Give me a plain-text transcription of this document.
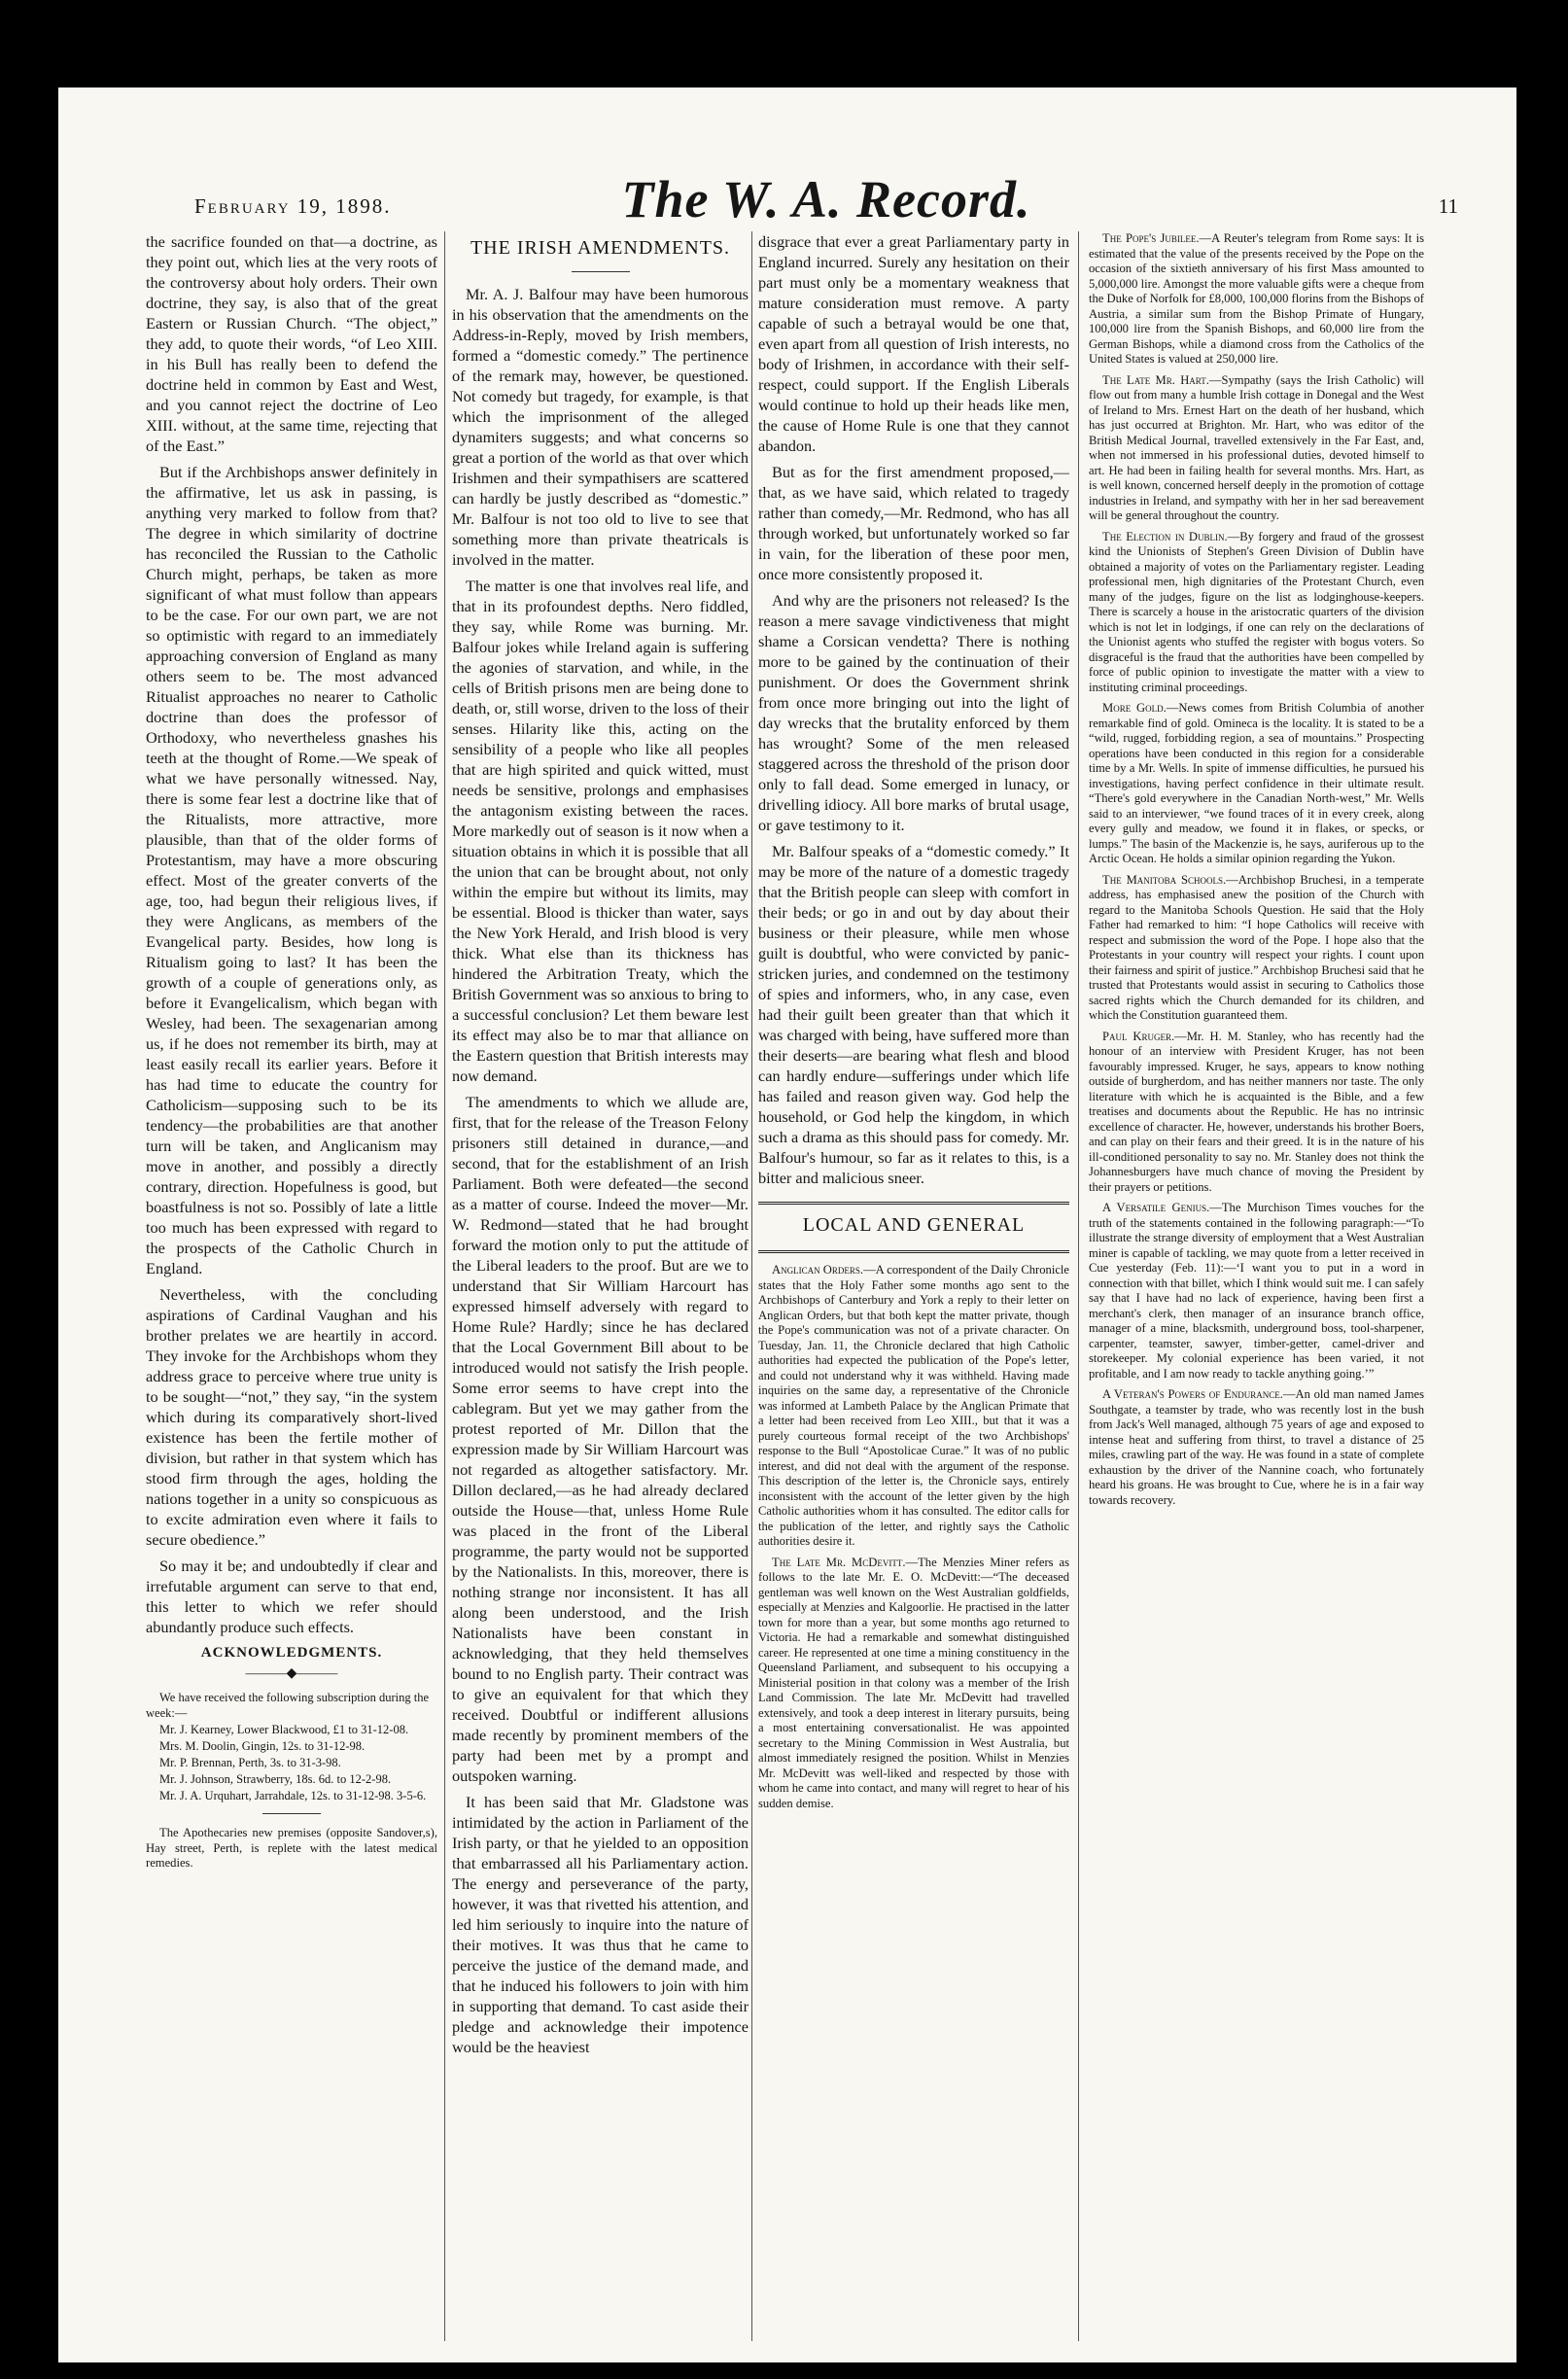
February 19, 1898.	The W. A. Record.	11

the sacrifice founded on that—a doctrine, as they point out, which lies at the very roots of the controversy about holy orders. Their own doctrine, they say, is also that of the great Eastern or Russian Church. “The object,” they add, to quote their words, “of Leo XIII. in his Bull has really been to defend the doctrine held in common by East and West, and you cannot reject the doctrine of Leo XIII. without, at the same time, rejecting that of the East.”

But if the Archbishops answer definitely in the affirmative, let us ask in passing, is anything very marked to follow from that? The degree in which similarity of doctrine has reconciled the Russian to the Catholic Church might, perhaps, be taken as more significant of what must follow than appears to be the case. For our own part, we are not so optimistic with regard to an immediately approaching conversion of England as many others seem to be. The most advanced Ritualist approaches no nearer to Catholic doctrine than does the professor of Orthodoxy, who nevertheless gnashes his teeth at the thought of Rome.—We speak of what we have personally witnessed. Nay, there is some fear lest a doctrine like that of the Ritualists, more attractive, more plausible, than that of the older forms of Protestantism, may have a more obscuring effect. Most of the greater converts of the age, too, had begun their religious lives, if they were Anglicans, as members of the Evangelical party. Besides, how long is Ritualism going to last? It has been the growth of a couple of generations only, as before it Evangelicalism, which began with Wesley, had been. The sexagenarian among us, if he does not remember its birth, may at least easily recall its earlier years. Before it has had time to educate the country for Catholicism—supposing such to be its tendency—the probabilities are that another turn will be taken, and Anglicanism may move in another, and possibly a directly contrary, direction. Hopefulness is good, but boastfulness is not so. Possibly of late a little too much has been expressed with regard to the prospects of the Catholic Church in England.

Nevertheless, with the concluding aspirations of Cardinal Vaughan and his brother prelates we are heartily in accord. They invoke for the Archbishops whom they address grace to perceive where true unity is to be sought—“not,” they say, “in the system which during its comparatively short-lived existence has been the fertile mother of division, but rather in that system which has stood firm through the ages, holding the nations together in a unity so conspicuous as to excite admiration even where it fails to secure obedience.”

So may it be; and undoubtedly if clear and irrefutable argument can serve to that end, this letter to which we refer should abundantly produce such effects.

ACKNOWLEDGMENTS.
———◆———
We have received the following subscription during the week:—
Mr. J. Kearney, Lower Blackwood, £1 to 31-12-08.
Mrs. M. Doolin, Gingin, 12s. to 31-12-98.
Mr. P. Brennan, Perth, 3s. to 31-3-98.
Mr. J. Johnson, Strawberry, 18s. 6d. to 12-2-98.
Mr. J. A. Urquhart, Jarrahdale, 12s. to 31-12-98. 3-5-6.

The Apothecaries new premises (opposite Sandover,s), Hay street, Perth, is replete with the latest medical remedies.

THE IRISH AMENDMENTS.

Mr. A. J. Balfour may have been humorous in his observation that the amendments on the Address-in-Reply, moved by Irish members, formed a “domestic comedy.” The pertinence of the remark may, however, be questioned. Not comedy but tragedy, for example, is that which the imprisonment of the alleged dynamiters suggests; and what concerns so great a portion of the world as that over which Irishmen and their sympathisers are scattered can hardly be justly described as “domestic.” Mr. Balfour is not too old to live to see that something more than private theatricals is involved in the matter.

The matter is one that involves real life, and that in its profoundest depths. Nero fiddled, they say, while Rome was burning. Mr. Balfour jokes while Ireland again is suffering the agonies of starvation, and while, in the cells of British prisons men are being done to death, or, still worse, driven to the loss of their senses. Hilarity like this, acting on the sensibility of a people who like all peoples that are high spirited and quick witted, must needs be sensitive, prolongs and emphasises the antagonism existing between the races. More markedly out of season is it now when a situation obtains in which it is possible that all the union that can be brought about, not only within the empire but without its limits, may be essential. Blood is thicker than water, says the New York Herald, and Irish blood is very thick. What else than its thickness has hindered the Arbitration Treaty, which the British Government was so anxious to bring to a successful conclusion? Let them beware lest its effect may also be to mar that alliance on the Eastern question that British interests may now demand.

The amendments to which we allude are, first, that for the release of the Treason Felony prisoners still detained in durance,—and second, that for the establishment of an Irish Parliament. Both were defeated—the second as a matter of course. Indeed the mover—Mr. W. Redmond—stated that he had brought forward the motion only to put the attitude of the Liberal leaders to the proof. But are we to understand that Sir William Harcourt has expressed himself adversely with regard to Home Rule? Hardly; since he has declared that the Local Government Bill about to be introduced would not satisfy the Irish people. Some error seems to have crept into the cablegram. But yet we may gather from the protest reported of Mr. Dillon that the expression made by Sir William Harcourt was not regarded as altogether satisfactory. Mr. Dillon declared,—as he had already declared outside the House—that, unless Home Rule was placed in the front of the Liberal programme, the party would not be supported by the Nationalists. In this, moreover, there is nothing strange nor inconsistent. It has all along been understood, and the Irish Nationalists have been constant in acknowledging, that they held themselves bound to no English party. Their contract was to give an equivalent for that which they received. Doubtful or indifferent allusions made recently by prominent members of the party had been met by a prompt and outspoken warning.

It has been said that Mr. Gladstone was intimidated by the action in Parliament of the Irish party, or that he yielded to an opposition that embarrassed all his Parliamentary action. The energy and perseverance of the party, however, it was that rivetted his attention, and led him seriously to inquire into the nature of their motives. It was thus that he came to perceive the justice of the demand made, and that he induced his followers to join with him in supporting that demand. To cast aside their pledge and acknowledge their impotence would be the heaviest

disgrace that ever a great Parliamentary party in England incurred. Surely any hesitation on their part must only be a momentary weakness that mature consideration must remove. A party capable of such a betrayal would be one that, even apart from all question of Irish interests, no body of Irishmen, in accordance with their self-respect, could support. If the English Liberals would continue to hold up their heads like men, the cause of Home Rule is one that they cannot abandon.

But as for the first amendment proposed,—that, as we have said, which related to tragedy rather than comedy,—Mr. Redmond, who has all through worked, but unfortunately worked so far in vain, for the liberation of these poor men, once more consistently proposed it.

And why are the prisoners not released? Is the reason a mere savage vindictiveness that might shame a Corsican vendetta? There is nothing more to be gained by the continuation of their punishment. Or does the Government shrink from once more bringing out into the light of day wrecks that the brutality enforced by them has wrought? Some of the men released staggered across the threshold of the prison door only to fall dead. Some emerged in lunacy, or drivelling idiocy. All bore marks of brutal usage, or gave testimony to it.

Mr. Balfour speaks of a “domestic comedy.” It may be more of the nature of a domestic tragedy that the British people can sleep with comfort in their beds; or go in and out by day about their business or their pleasure, while men whose guilt is doubtful, who were convicted by panic-stricken juries, and condemned on the testimony of spies and informers, who, in any case, even had their guilt been greater than that which it was charged with being, have suffered more than their deserts—are bearing what flesh and blood can hardly endure—sufferings under which life has failed and reason given way. God help the household, or God help the kingdom, in which such a drama as this should pass for comedy. Mr. Balfour's humour, so far as it relates to this, is a bitter and malicious sneer.

LOCAL AND GENERAL

Anglican Orders.—A correspondent of the Daily Chronicle states that the Holy Father some months ago sent to the Archbishops of Canterbury and York a reply to their letter on Anglican Orders, but that both kept the matter private, though the Pope's communication was not of a private character. On Tuesday, Jan. 11, the Chronicle declared that high Catholic authorities had expected the publication of the Pope's letter, and could not understand why it was withheld. Having made inquiries on the same day, a representative of the Chronicle was informed at Lambeth Palace by the Anglican Primate that a letter had been received from Leo XIII., but that it was a purely courteous formal receipt of the two Archbishops' response to the Bull “Apostolicae Curae.” It was of no public interest, and did not deal with the argument of the response. This description of the letter is, the Chronicle says, entirely inconsistent with the account of the letter given by the high Catholic authorities whom it has consulted. The editor calls for the publication of the letter, and rightly says the Catholic authorities desire it.

The Late Mr. McDevitt.—The Menzies Miner refers as follows to the late Mr. E. O. McDevitt:—“The deceased gentleman was well known on the West Australian goldfields, especially at Menzies and Kalgoorlie. He practised in the latter town for more than a year, but some months ago returned to Victoria. He had a remarkable and somewhat distinguished career. He represented at one time a mining constituency in the Queensland Parliament, and subsequent to his occupying a Ministerial position in that colony was a member of the Irish Land Commission. The late Mr. McDevitt had travelled extensively, and took a deep interest in literary pursuits, being a most entertaining conversationalist. He was appointed secretary to the Mining Commission in West Australia, but almost immediately resigned the position. Whilst in Menzies Mr. McDevitt was well-liked and respected by those with whom he came into contact, and many will regret to hear of his sudden demise.

The Pope's Jubilee.—A Reuter's telegram from Rome says: It is estimated that the value of the presents received by the Pope on the occasion of the sixtieth anniversary of his first Mass amounted to 5,000,000 lire. Amongst the more valuable gifts were a cheque from the Duke of Norfolk for £8,000, 100,000 florins from the Bishops of Austria, a similar sum from the Bishop Primate of Hungary, 100,000 lire from the Spanish Bishops, and 60,000 lire from the German Bishops, while a diamond cross from the Catholics of the United States is valued at 250,000 lire.

The Late Mr. Hart.—Sympathy (says the Irish Catholic) will flow out from many a humble Irish cottage in Donegal and the West of Ireland to Mrs. Ernest Hart on the death of her husband, which has just occurred at Brighton. Mr. Hart, who was editor of the British Medical Journal, travelled extensively in the Far East, and, when not immersed in his professional duties, devoted himself to art. He had been in failing health for several months. Mrs. Hart, as is well known, concerned herself deeply in the promotion of cottage industries in Ireland, and sympathy with her in her sad bereavement will be general throughout the country.

The Election in Dublin.—By forgery and fraud of the grossest kind the Unionists of Stephen's Green Division of Dublin have obtained a majority of votes on the Parliamentary register. Leading professional men, high dignitaries of the Protestant Church, even many of the judges, figure on the list as lodginghouse-keepers. There is scarcely a house in the aristocratic quarters of the division which is not let in lodgings, if one can rely on the declarations of the Unionist agents who stuffed the register with bogus voters. So disgraceful is the fraud that the authorities have been compelled by force of public opinion to investigate the matter with a view to instituting criminal proceedings.

More Gold.—News comes from British Columbia of another remarkable find of gold. Omineca is the locality. It is stated to be a “wild, rugged, forbidding region, a sea of mountains.” Prospecting operations have been conducted in this region for a considerable time by a Mr. Wells. In spite of immense difficulties, he pursued his investigations, having perfect confidence in their ultimate result. “There's gold everywhere in the Canadian North-west,” Mr. Wells said to an interviewer, “we found traces of it in every creek, along every gully and meadow, we found it in flakes, or specks, or lumps.” The basin of the Mackenzie is, he says, auriferous up to the Arctic Ocean. He holds a similar opinion regarding the Yukon.

The Manitoba Schools.—Archbishop Bruchesi, in a temperate address, has emphasised anew the position of the Church with regard to the Manitoba Schools Question. He said that the Holy Father had remarked to him: “I hope Catholics will receive with respect and submission the word of the Pope. I hope also that the Protestants in your country will respect your rights. I count upon their fairness and spirit of justice.” Archbishop Bruchesi said that he trusted that Protestants would assist in securing to Catholics those sacred rights which the Church demanded for its children, and which the Constitution guaranteed them.

Paul Kruger.—Mr. H. M. Stanley, who has recently had the honour of an interview with President Kruger, has not been favourably impressed. Kruger, he says, appears to know nothing outside of burgherdom, and has neither manners nor taste. The only literature with which he is acquainted is the Bible, and a few treatises and documents about the Republic. He has no intrinsic excellence of character. He, however, understands his brother Boers, and can play on their fears and their greed. It is in the nature of his ill-conditioned personality to say no. Mr. Stanley does not think the Johannesburgers have much chance of moving the President by their prayers or petitions.

A Versatile Genius.—The Murchison Times vouches for the truth of the statements contained in the following paragraph:—“To illustrate the strange diversity of employment that a West Australian miner is capable of tackling, we may quote from a letter received in Cue yesterday (Feb. 11):—‘I want you to put in a word in connection with that billet, which I think would suit me. I can safely say that I have had no lack of experience, having been first a merchant's clerk, then manager of an insurance branch office, manager of a mine, blacksmith, underground boss, tool-sharpener, carpenter, teamster, sawyer, timber-getter, camel-driver and storekeeper. My colonial experience has been varied, it not profitable, and I am now ready to tackle anything going.’”

A Veteran's Powers of Endurance.—An old man named James Southgate, a teamster by trade, who was recently lost in the bush from Jack's Well managed, although 75 years of age and exposed to intense heat and suffering from thirst, to travel a distance of 25 miles, crawling part of the way. He was found in a state of complete exhaustion by the driver of the Nannine coach, who fortunately heard his groans. He was brought to Cue, where he is in a fair way towards recovery.
